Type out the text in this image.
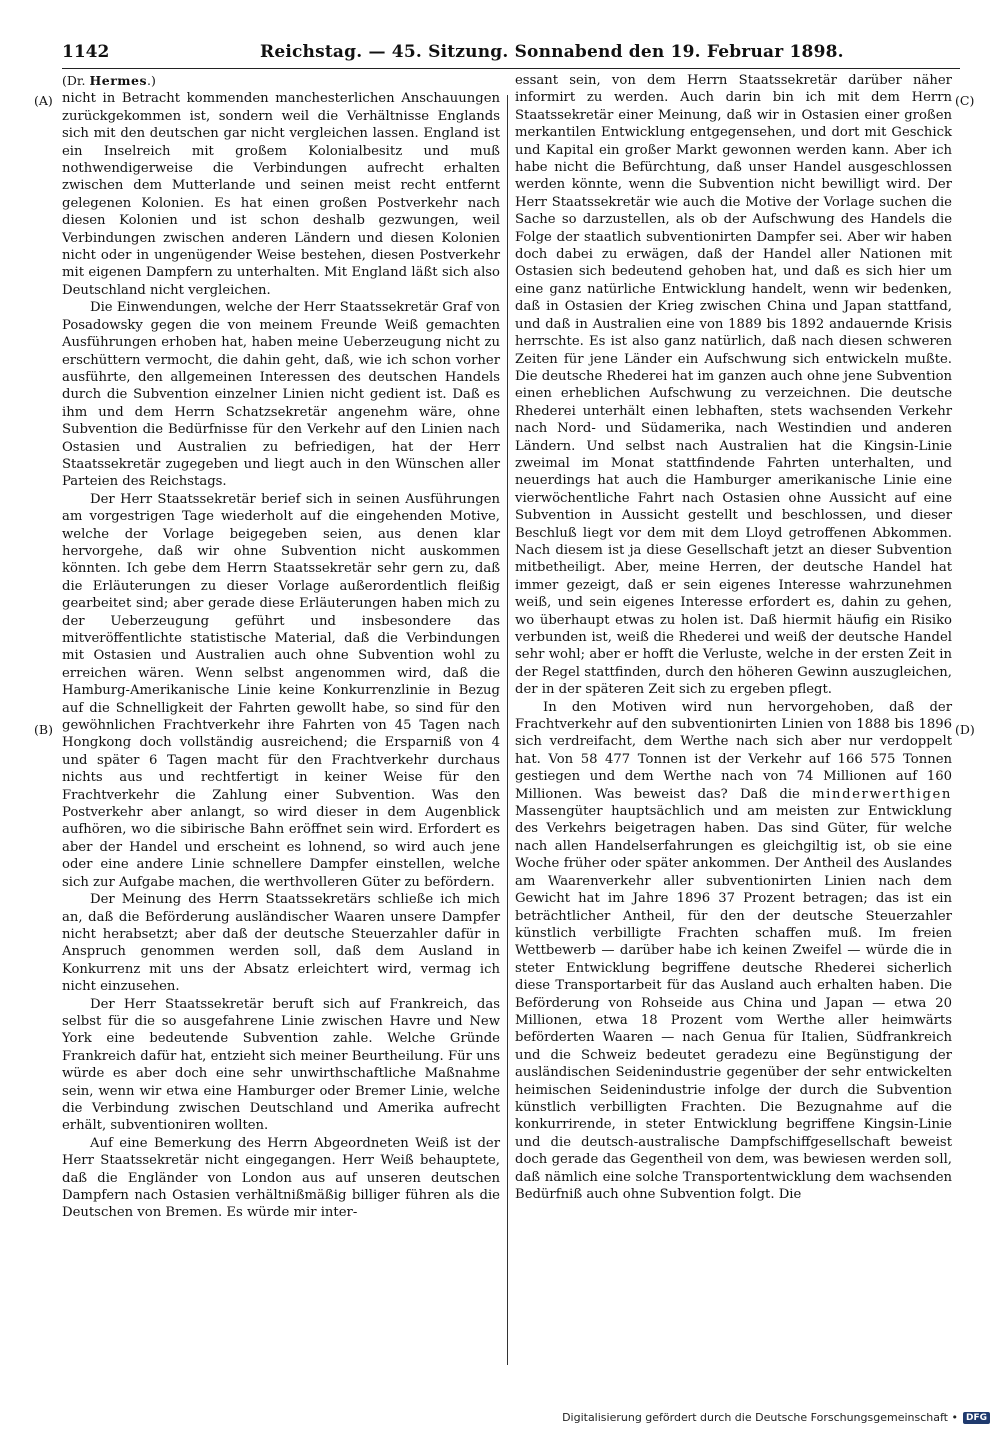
1142	Reichstag. — 45. Sitzung. Sonnabend den 19. Februar 1898.
(A)
(B)
(C)
(D)
(Dr. Hermes.)

nicht in Betracht kommenden manchesterlichen Anschauungen zurückgekommen ist, sondern weil die Verhältnisse Englands sich mit den deutschen gar nicht vergleichen lassen. England ist ein Inselreich mit großem Kolonialbesitz und muß nothwendigerweise die Verbindungen aufrecht erhalten zwischen dem Mutterlande und seinen meist recht entfernt gelegenen Kolonien. Es hat einen großen Postverkehr nach diesen Kolonien und ist schon deshalb gezwungen, weil Verbindungen zwischen anderen Ländern und diesen Kolonien nicht oder in ungenügender Weise bestehen, diesen Postverkehr mit eigenen Dampfern zu unterhalten. Mit England läßt sich also Deutschland nicht vergleichen.

Die Einwendungen, welche der Herr Staatssekretär Graf von Posadowsky gegen die von meinem Freunde Weiß gemachten Ausführungen erhoben hat, haben meine Ueberzeugung nicht zu erschüttern vermocht, die dahin geht, daß, wie ich schon vorher ausführte, den allgemeinen Interessen des deutschen Handels durch die Subvention einzelner Linien nicht gedient ist. Daß es ihm und dem Herrn Schatzsekretär angenehm wäre, ohne Subvention die Bedürfnisse für den Verkehr auf den Linien nach Ostasien und Australien zu befriedigen, hat der Herr Staatssekretär zugegeben und liegt auch in den Wünschen aller Parteien des Reichstags.

Der Herr Staatssekretär berief sich in seinen Ausführungen am vorgestrigen Tage wiederholt auf die eingehenden Motive, welche der Vorlage beigegeben seien, aus denen klar hervorgehe, daß wir ohne Subvention nicht auskommen könnten. Ich gebe dem Herrn Staatssekretär sehr gern zu, daß die Erläuterungen zu dieser Vorlage außerordentlich fleißig gearbeitet sind; aber gerade diese Erläuterungen haben mich zu der Ueberzeugung geführt und insbesondere das mitveröffentlichte statistische Material, daß die Verbindungen mit Ostasien und Australien auch ohne Subvention wohl zu erreichen wären. Wenn selbst angenommen wird, daß die Hamburg-Amerikanische Linie keine Konkurrenzlinie in Bezug auf die Schnelligkeit der Fahrten gewollt habe, so sind für den gewöhnlichen Frachtverkehr ihre Fahrten von 45 Tagen nach Hongkong doch vollständig ausreichend; die Ersparniß von 4 und später 6 Tagen macht für den Frachtverkehr durchaus nichts aus und rechtfertigt in keiner Weise für den Frachtverkehr die Zahlung einer Subvention. Was den Postverkehr aber anlangt, so wird dieser in dem Augenblick aufhören, wo die sibirische Bahn eröffnet sein wird. Erfordert es aber der Handel und erscheint es lohnend, so wird auch jene oder eine andere Linie schnellere Dampfer einstellen, welche sich zur Aufgabe machen, die werthvolleren Güter zu befördern.

Der Meinung des Herrn Staatssekretärs schließe ich mich an, daß die Beförderung ausländischer Waaren unsere Dampfer nicht herabsetzt; aber daß der deutsche Steuerzahler dafür in Anspruch genommen werden soll, daß dem Ausland in Konkurrenz mit uns der Absatz erleichtert wird, vermag ich nicht einzusehen.

Der Herr Staatssekretär beruft sich auf Frankreich, das selbst für die so ausgefahrene Linie zwischen Havre und New York eine bedeutende Subvention zahle. Welche Gründe Frankreich dafür hat, entzieht sich meiner Beurtheilung. Für uns würde es aber doch eine sehr unwirthschaftliche Maßnahme sein, wenn wir etwa eine Hamburger oder Bremer Linie, welche die Verbindung zwischen Deutschland und Amerika aufrecht erhält, subventioniren wollten.

Auf eine Bemerkung des Herrn Abgeordneten Weiß ist der Herr Staatssekretär nicht eingegangen. Herr Weiß behauptete, daß die Engländer von London aus auf unseren deutschen Dampfern nach Ostasien verhältnißmäßig billiger führen als die Deutschen von Bremen. Es würde mir inter-

essant sein, von dem Herrn Staatssekretär darüber näher informirt zu werden. Auch darin bin ich mit dem Herrn Staatssekretär einer Meinung, daß wir in Ostasien einer großen merkantilen Entwicklung entgegensehen, und dort mit Geschick und Kapital ein großer Markt gewonnen werden kann. Aber ich habe nicht die Befürchtung, daß unser Handel ausgeschlossen werden könnte, wenn die Subvention nicht bewilligt wird. Der Herr Staatssekretär wie auch die Motive der Vorlage suchen die Sache so darzustellen, als ob der Aufschwung des Handels die Folge der staatlich subventionirten Dampfer sei. Aber wir haben doch dabei zu erwägen, daß der Handel aller Nationen mit Ostasien sich bedeutend gehoben hat, und daß es sich hier um eine ganz natürliche Entwicklung handelt, wenn wir bedenken, daß in Ostasien der Krieg zwischen China und Japan stattfand, und daß in Australien eine von 1889 bis 1892 andauernde Krisis herrschte. Es ist also ganz natürlich, daß nach diesen schweren Zeiten für jene Länder ein Aufschwung sich entwickeln mußte. Die deutsche Rhederei hat im ganzen auch ohne jene Subvention einen erheblichen Aufschwung zu verzeichnen. Die deutsche Rhederei unterhält einen lebhaften, stets wachsenden Verkehr nach Nord- und Südamerika, nach Westindien und anderen Ländern. Und selbst nach Australien hat die Kingsin-Linie zweimal im Monat stattfindende Fahrten unterhalten, und neuerdings hat auch die Hamburger amerikanische Linie eine vierwöchentliche Fahrt nach Ostasien ohne Aussicht auf eine Subvention in Aussicht gestellt und beschlossen, und dieser Beschluß liegt vor dem mit dem Lloyd getroffenen Abkommen. Nach diesem ist ja diese Gesellschaft jetzt an dieser Subvention mitbetheiligt. Aber, meine Herren, der deutsche Handel hat immer gezeigt, daß er sein eigenes Interesse wahrzunehmen weiß, und sein eigenes Interesse erfordert es, dahin zu gehen, wo überhaupt etwas zu holen ist. Daß hiermit häufig ein Risiko verbunden ist, weiß die Rhederei und weiß der deutsche Handel sehr wohl; aber er hofft die Verluste, welche in der ersten Zeit in der Regel stattfinden, durch den höheren Gewinn auszugleichen, der in der späteren Zeit sich zu ergeben pflegt.

In den Motiven wird nun hervorgehoben, daß der Frachtverkehr auf den subventionirten Linien von 1888 bis 1896 sich verdreifacht, dem Werthe nach sich aber nur verdoppelt hat. Von 58 477 Tonnen ist der Verkehr auf 166 575 Tonnen gestiegen und dem Werthe nach von 74 Millionen auf 160 Millionen. Was beweist das? Daß die minderwerthigen Massengüter hauptsächlich und am meisten zur Entwicklung des Verkehrs beigetragen haben. Das sind Güter, für welche nach allen Handelserfahrungen es gleichgiltig ist, ob sie eine Woche früher oder später ankommen. Der Antheil des Auslandes am Waarenverkehr aller subventionirten Linien nach dem Gewicht hat im Jahre 1896 37 Prozent betragen; das ist ein beträchtlicher Antheil, für den der deutsche Steuerzahler künstlich verbilligte Frachten schaffen muß. Im freien Wettbewerb — darüber habe ich keinen Zweifel — würde die in steter Entwicklung begriffene deutsche Rhederei sicherlich diese Transportarbeit für das Ausland auch erhalten haben. Die Beförderung von Rohseide aus China und Japan — etwa 20 Millionen, etwa 18 Prozent vom Werthe aller heimwärts beförderten Waaren — nach Genua für Italien, Südfrankreich und die Schweiz bedeutet geradezu eine Begünstigung der ausländischen Seidenindustrie gegenüber der sehr entwickelten heimischen Seidenindustrie infolge der durch die Subvention künstlich verbilligten Frachten. Die Bezugnahme auf die konkurrirende, in steter Entwicklung begriffene Kingsin-Linie und die deutsch-australische Dampfschiffgesellschaft beweist doch gerade das Gegentheil von dem, was bewiesen werden soll, daß nämlich eine solche Transportentwicklung dem wachsenden Bedürfniß auch ohne Subvention folgt. Die

Digitalisierung gefördert durch die Deutsche Forschungsgemeinschaft • DFG
